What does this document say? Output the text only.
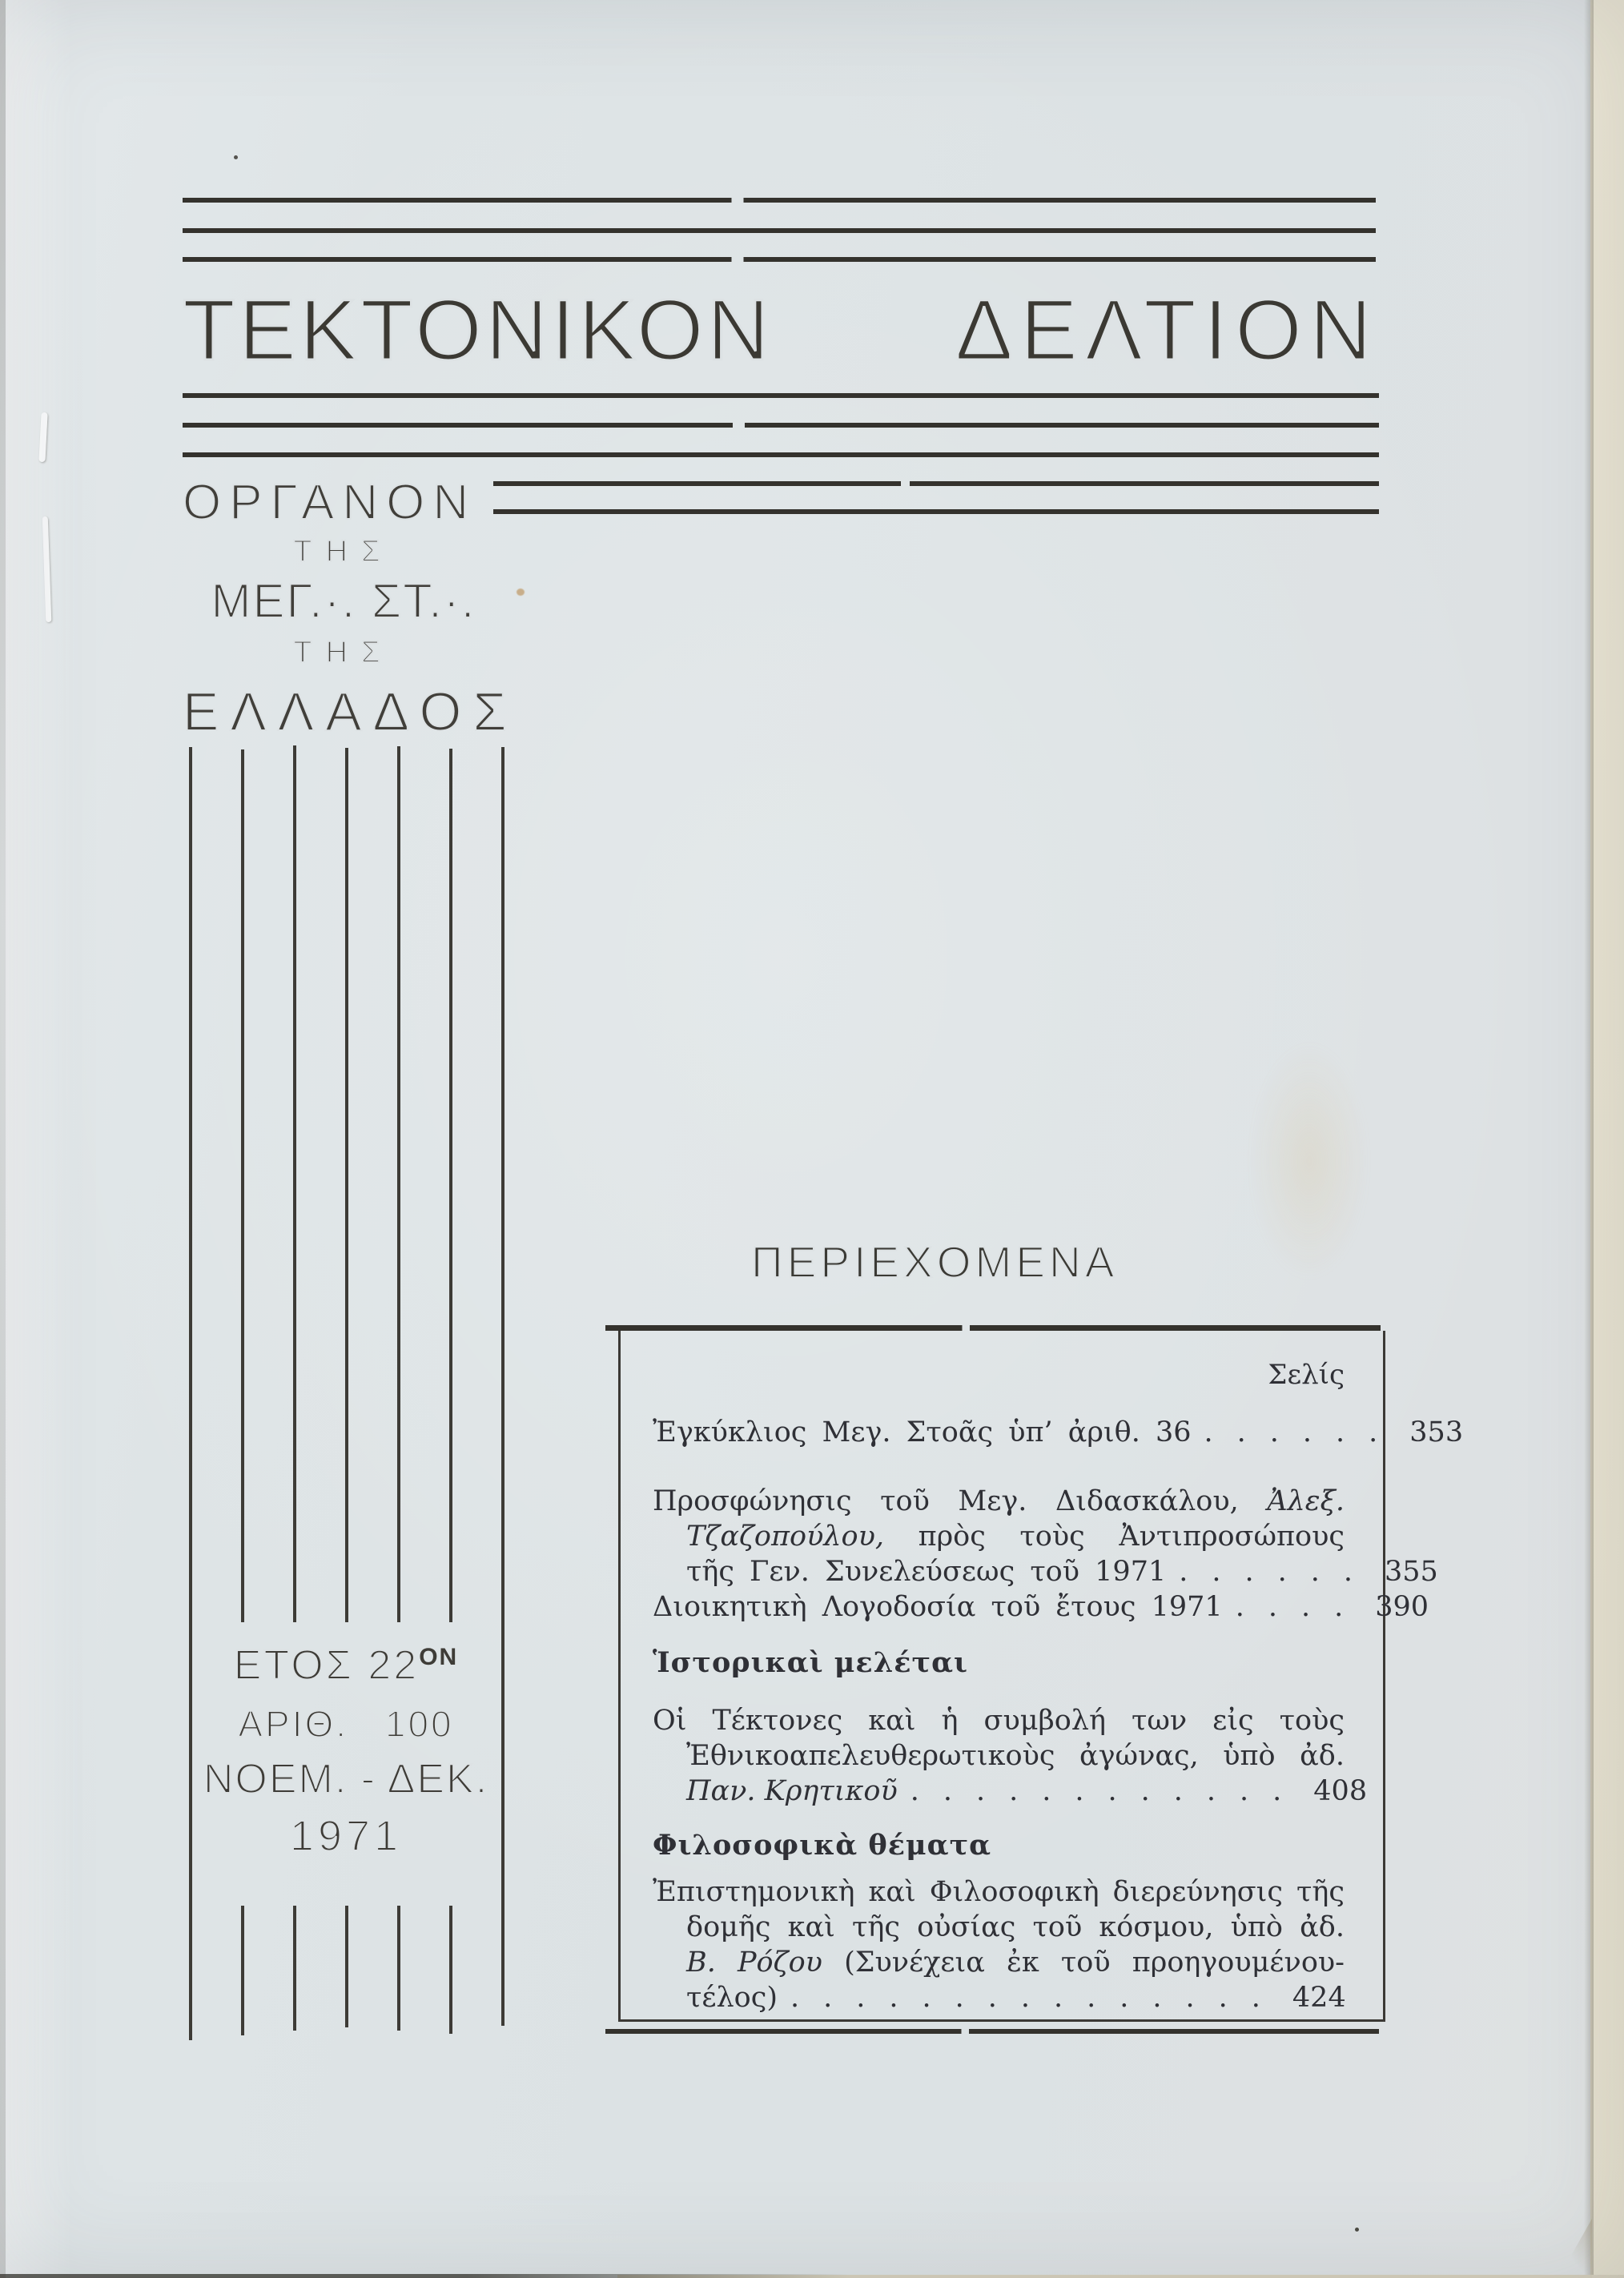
ΤΕΚΤΟΝΙΚΟΝ ΔΕΛΤΙΟΝ
ΟΡΓΑΝΟΝ
ΤΗΣ
ΜΕΓ.·. ΣΤ.·.
ΤΗΣ
ΕΛΛΑΔΟΣ
ΕΤΟΣ $22^{ON}$
ΑΡΙΘ. 100
ΝΟΕΜ. - ΔΕΚ.
1971
ΠΕΡΙΕΧΟΜΕΝΑ
Σελίς
Ἐγκύκλιος Μεγ. Στοᾶς ὑπ’ ἀριθ. 36 ...... 353
Προσφώνησις τοῦ Μεγ. Διδασκάλου, Ἀλεξ.
Τζαζοπούλου, πρὸς τοὺς Ἀντιπροσώπους
τῆς Γεν. Συνελεύσεως τοῦ 1971 ...... 355
Διοικητικὴ Λογοδοσία τοῦ ἔτους 1971 .... 390
Ἱστορικαὶ μελέται
Οἱ Τέκτονες καὶ ἡ συμβολή των εἰς τοὺς
Ἐθνικοαπελευθερωτικοὺς ἀγώνας, ὑπὸ ἀδ.
Παν. Κρητικοῦ ............ 408
Φιλοσοφικὰ θέματα
Ἐπιστημονικὴ καὶ Φιλοσοφικὴ διερεύνησις τῆς
δομῆς καὶ τῆς οὐσίας τοῦ κόσμου, ὑπὸ ἀδ.
Β. Ρόζου (Συνέχεια ἐκ τοῦ προηγουμένου-
τέλος) ............... 424
